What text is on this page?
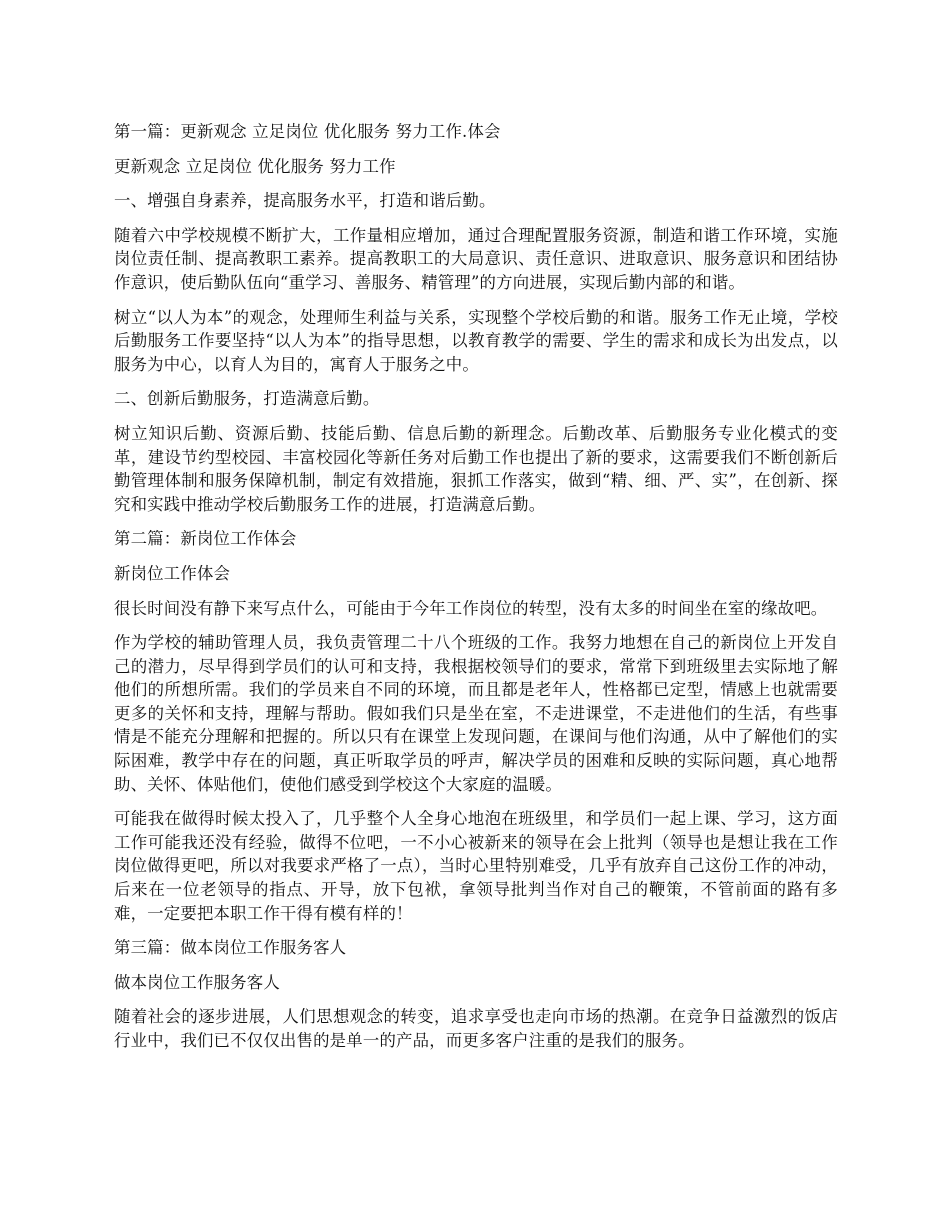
第一篇：更新观念 立足岗位 优化服务 努力工作.体会

更新观念 立足岗位 优化服务 努力工作

一、增强自身素养，提高服务水平，打造和谐后勤。

随着六中学校规模不断扩大，工作量相应增加，通过合理配置服务资源，制造和谐工作环境，实施岗位责任制、提高教职工素养。提高教职工的大局意识、责任意识、进取意识、服务意识和团结协作意识，使后勤队伍向“重学习、善服务、精管理”的方向进展，实现后勤内部的和谐。

树立“以人为本”的观念，处理师生利益与关系，实现整个学校后勤的和谐。服务工作无止境，学校后勤服务工作要坚持“以人为本”的指导思想，以教育教学的需要、学生的需求和成长为出发点，以服务为中心，以育人为目的，寓育人于服务之中。

二、创新后勤服务，打造满意后勤。

树立知识后勤、资源后勤、技能后勤、信息后勤的新理念。后勤改革、后勤服务专业化模式的变革，建设节约型校园、丰富校园化等新任务对后勤工作也提出了新的要求，这需要我们不断创新后勤管理体制和服务保障机制，制定有效措施，狠抓工作落实，做到“精、细、严、实”，在创新、探究和实践中推动学校后勤服务工作的进展，打造满意后勤。

第二篇：新岗位工作体会

新岗位工作体会

很长时间没有静下来写点什么，可能由于今年工作岗位的转型，没有太多的时间坐在室的缘故吧。

作为学校的辅助管理人员，我负责管理二十八个班级的工作。我努力地想在自己的新岗位上开发自己的潜力，尽早得到学员们的认可和支持，我根据校领导们的要求，常常下到班级里去实际地了解他们的所想所需。我们的学员来自不同的环境，而且都是老年人，性格都已定型，情感上也就需要更多的关怀和支持，理解与帮助。假如我们只是坐在室，不走进课堂，不走进他们的生活，有些事情是不能充分理解和把握的。所以只有在课堂上发现问题，在课间与他们沟通，从中了解他们的实际困难，教学中存在的问题，真正听取学员的呼声，解决学员的困难和反映的实际问题，真心地帮助、关怀、体贴他们，使他们感受到学校这个大家庭的温暖。

可能我在做得时候太投入了，几乎整个人全身心地泡在班级里，和学员们一起上课、学习，这方面工作可能我还没有经验，做得不位吧，一不小心被新来的领导在会上批判（领导也是想让我在工作岗位做得更吧，所以对我要求严格了一点），当时心里特别难受，几乎有放弃自己这份工作的冲动，后来在一位老领导的指点、开导，放下包袱，拿领导批判当作对自己的鞭策，不管前面的路有多难，一定要把本职工作干得有模有样的！

第三篇：做本岗位工作服务客人

做本岗位工作服务客人

随着社会的逐步进展，人们思想观念的转变，追求享受也走向市场的热潮。在竞争日益激烈的饭店行业中，我们已不仅仅出售的是单一的产品，而更多客户注重的是我们的服务。
